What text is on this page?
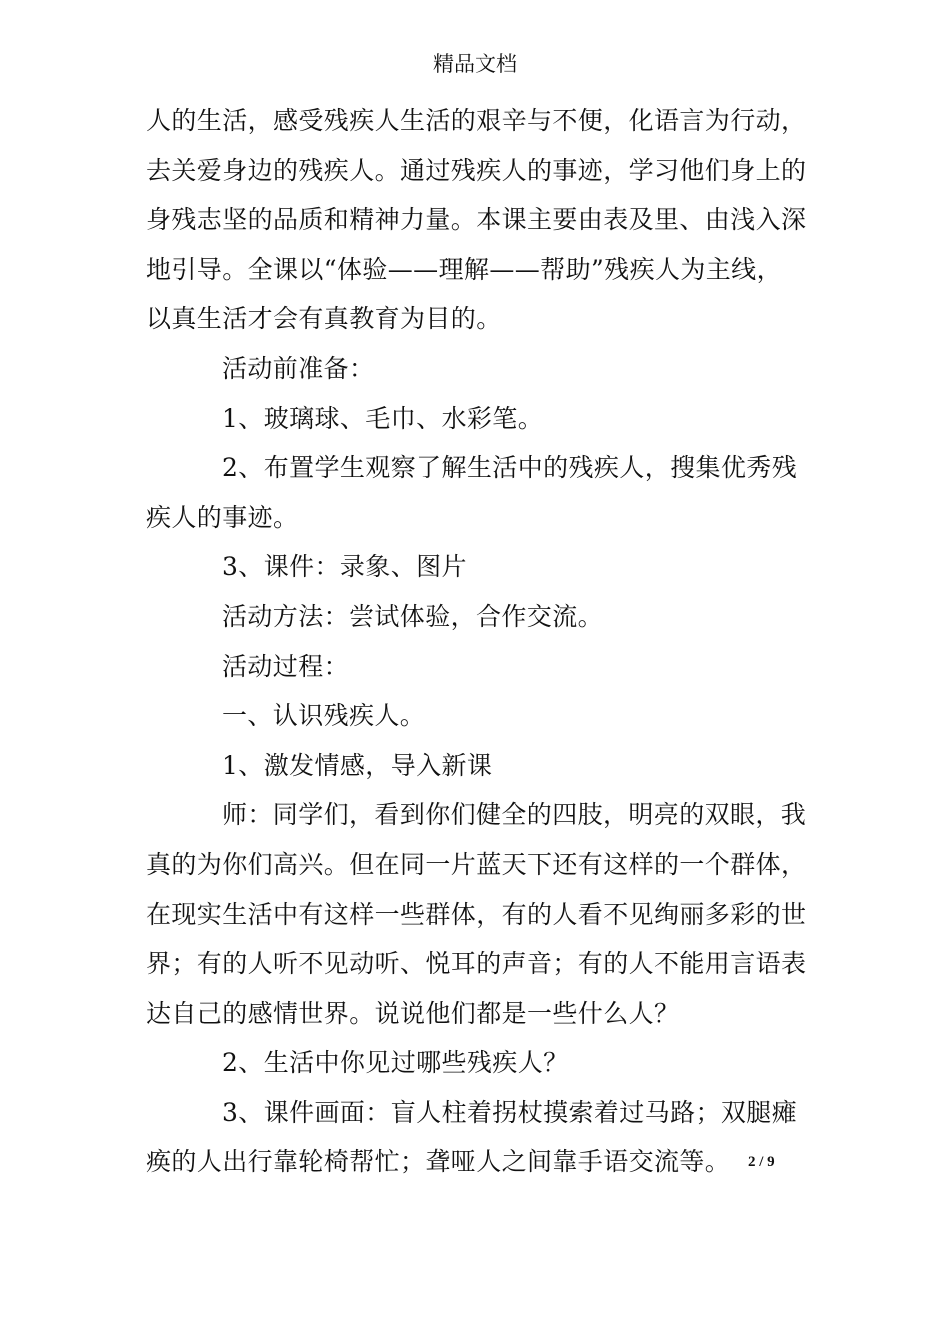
精品文档
人的生活，感受残疾人生活的艰辛与不便，化语言为行动，
去关爱身边的残疾人。通过残疾人的事迹，学习他们身上的
身残志坚的品质和精神力量。本课主要由表及里、由浅入深
地引导。全课以“体验——理解——帮助”残疾人为主线，
以真生活才会有真教育为目的。
活动前准备：
1、玻璃球、毛巾、水彩笔。
2、布置学生观察了解生活中的残疾人，搜集优秀残
疾人的事迹。
3、课件：录象、图片
活动方法：尝试体验，合作交流。
活动过程：
一、认识残疾人。
1、激发情感，导入新课
师：同学们，看到你们健全的四肢，明亮的双眼，我
真的为你们高兴。但在同一片蓝天下还有这样的一个群体，
在现实生活中有这样一些群体，有的人看不见绚丽多彩的世
界；有的人听不见动听、悦耳的声音；有的人不能用言语表
达自己的感情世界。说说他们都是一些什么人？
2、生活中你见过哪些残疾人？
3、课件画面：盲人柱着拐杖摸索着过马路；双腿瘫
痪的人出行靠轮椅帮忙；聋哑人之间靠手语交流等。	2 / 9
